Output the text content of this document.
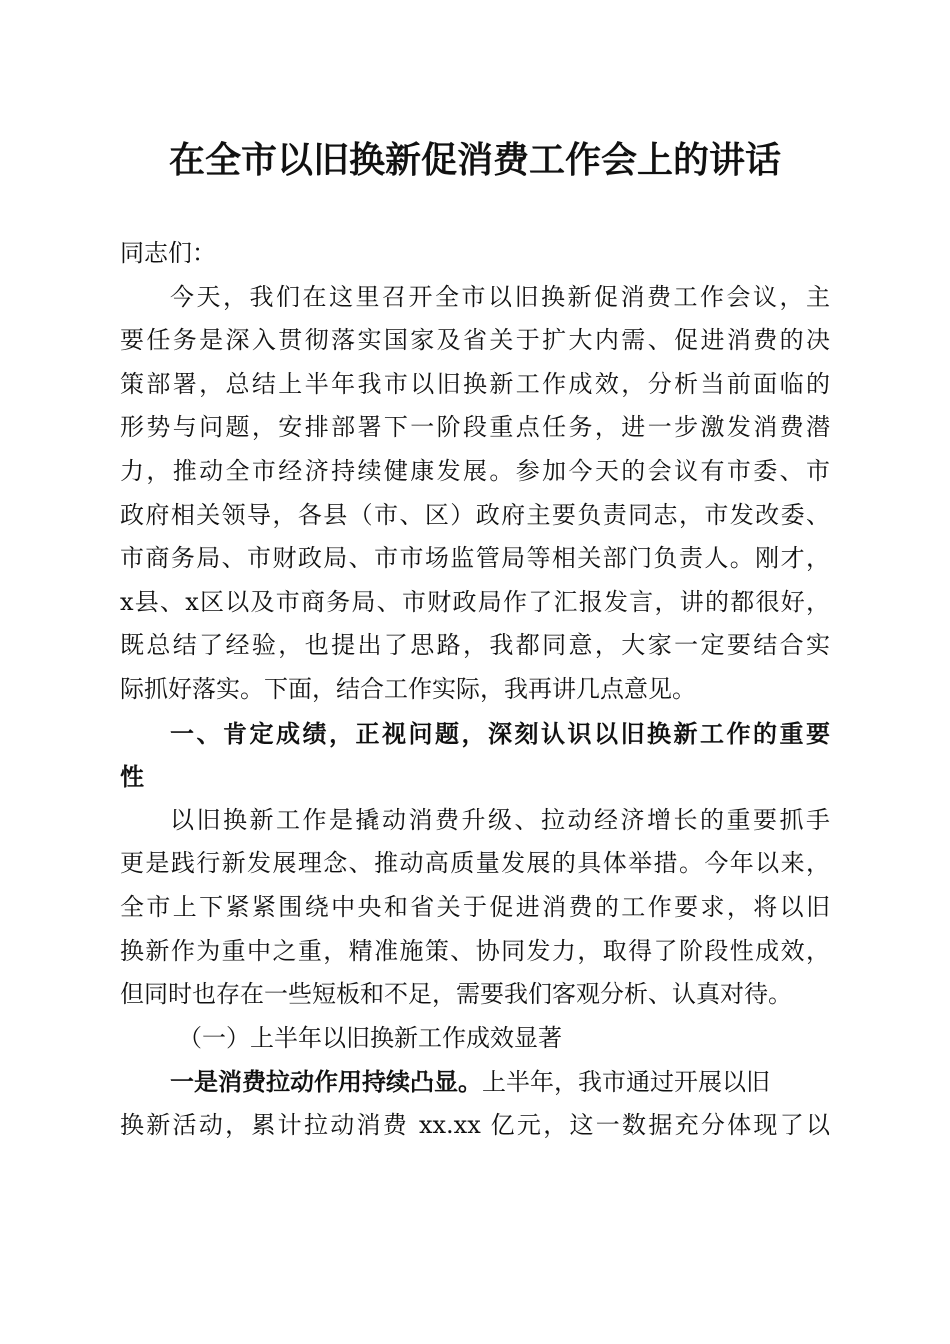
在全市以旧换新促消费工作会上的讲话
同志们：
今天，我们在这里召开全市以旧换新促消费工作会议，主
要任务是深入贯彻落实国家及省关于扩大内需、促进消费的决
策部署，总结上半年我市以旧换新工作成效，分析当前面临的
形势与问题，安排部署下一阶段重点任务，进一步激发消费潜
力，推动全市经济持续健康发展。参加今天的会议有市委、市
政府相关领导，各县（市、区）政府主要负责同志，市发改委、
市商务局、市财政局、市市场监管局等相关部门负责人。刚才，
x县、x区以及市商务局、市财政局作了汇报发言，讲的都很好，
既总结了经验，也提出了思路，我都同意，大家一定要结合实
际抓好落实。下面，结合工作实际，我再讲几点意见。
一、肯定成绩，正视问题，深刻认识以旧换新工作的重要
性
以旧换新工作是撬动消费升级、拉动经济增长的重要抓手
更是践行新发展理念、推动高质量发展的具体举措。今年以来，
全市上下紧紧围绕中央和省关于促进消费的工作要求，将以旧
换新作为重中之重，精准施策、协同发力，取得了阶段性成效，
但同时也存在一些短板和不足，需要我们客观分析、认真对待。
（一）上半年以旧换新工作成效显著
一是消费拉动作用持续凸显。上半年，我市通过开展以旧
换新活动，累计拉动消费 xx.xx 亿元，这一数据充分体现了以
